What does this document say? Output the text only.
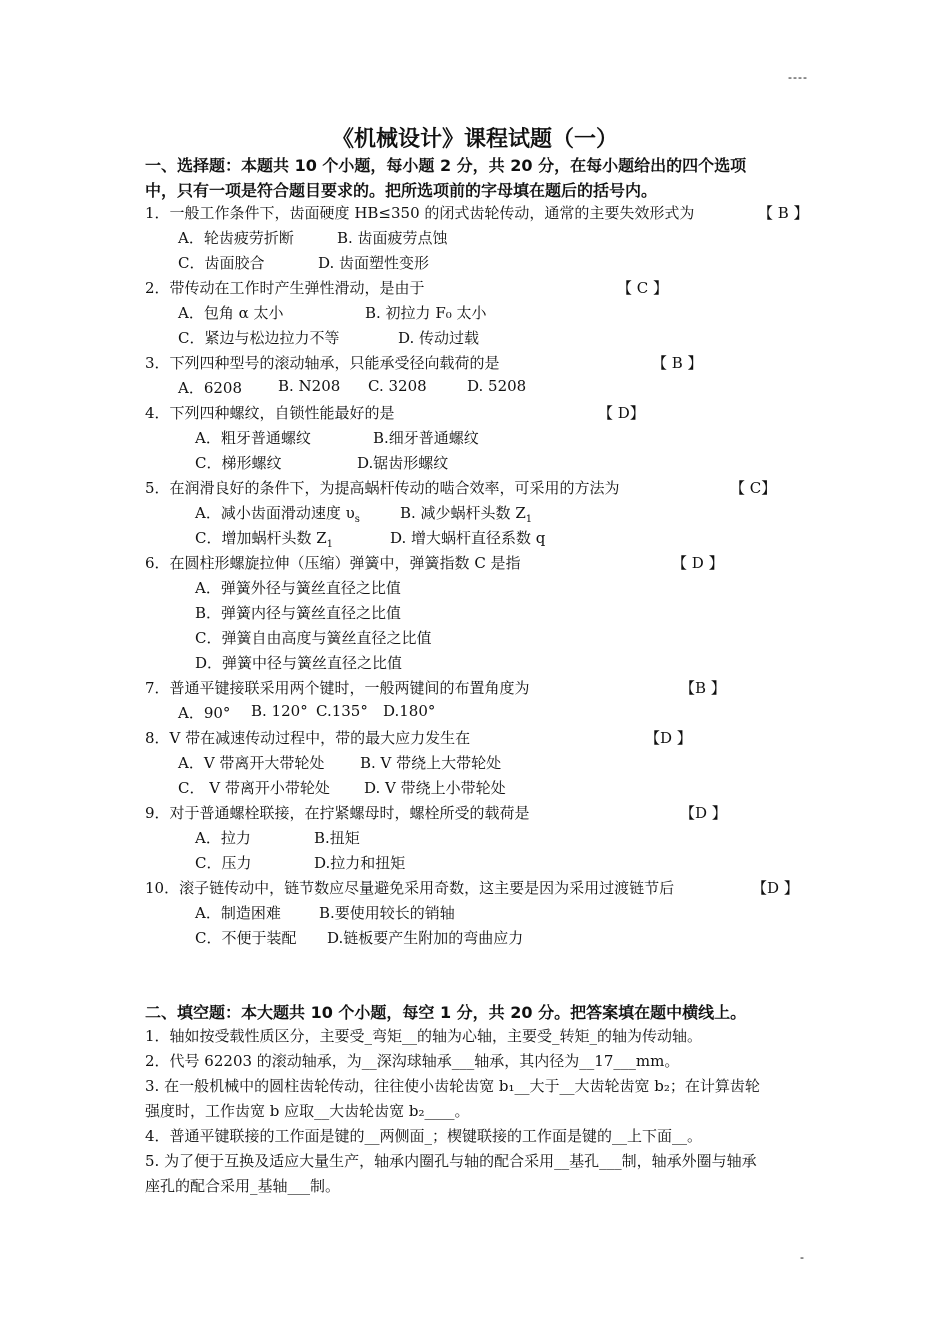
----
-
《机械设计》课程试题（一）
一、选择题：本题共 10 个小题，每小题 2 分，共 20 分，在每小题给出的四个选项
中，只有一项是符合题目要求的。把所选项前的字母填在题后的括号内。
1．一般工作条件下，齿面硬度 HB≤350 的闭式齿轮传动，通常的主要失效形式为	【 B 】
A．轮齿疲劳折断	B. 齿面疲劳点蚀
C．齿面胶合	D. 齿面塑性变形
2．带传动在工作时产生弹性滑动，是由于	【 C 】
A．包角 α 太小	B. 初拉力 F₀ 太小
C．紧边与松边拉力不等	D. 传动过载
3．下列四种型号的滚动轴承，只能承受径向载荷的是	【 B 】
A．6208 B. N208 C. 3208	D. 5208
4．下列四种螺纹，自锁性能最好的是	【 D】
A．粗牙普通螺纹	B.细牙普通螺纹
C．梯形螺纹	D.锯齿形螺纹
5．在润滑良好的条件下，为提高蜗杆传动的啮合效率，可采用的方法为	【 C】
A．减小齿面滑动速度 $\upsilon_s$	B. 减少蜗杆头数 $Z_1$
C．增加蜗杆头数 $Z_1$	D. 增大蜗杆直径系数 q
6．在圆柱形螺旋拉伸（压缩）弹簧中，弹簧指数 C 是指	【 D 】
A．弹簧外径与簧丝直径之比值
B．弹簧内径与簧丝直径之比值
C．弹簧自由高度与簧丝直径之比值
D．弹簧中径与簧丝直径之比值
7．普通平键接联采用两个键时，一般两键间的布置角度为	【B 】
A．90° B. 120° C.135° D.180°
8．V 带在减速传动过程中，带的最大应力发生在	【D 】
A．V 带离开大带轮处 B. V 带绕上大带轮处
C． V 带离开小带轮处 D. V 带绕上小带轮处
9．对于普通螺栓联接，在拧紧螺母时，螺栓所受的载荷是	【D 】
A．拉力	B.扭矩
C．压力	D.拉力和扭矩
10．滚子链传动中，链节数应尽量避免采用奇数，这主要是因为采用过渡链节后	【D 】
A．制造困难	B.要使用较长的销轴
C．不便于装配 D.链板要产生附加的弯曲应力
二、填空题：本大题共 10 个小题，每空 1 分，共 20 分。把答案填在题中横线上。
1．轴如按受载性质区分，主要受_弯矩__的轴为心轴，主要受_转矩_的轴为传动轴。
2．代号 62203 的滚动轴承，为__深沟球轴承___轴承，其内径为__17___mm。
3. 在一般机械中的圆柱齿轮传动，往往使小齿轮齿宽 b₁__大于__大齿轮齿宽 b₂；在计算齿轮
强度时，工作齿宽 b 应取__大齿轮齿宽 b₂____。
4．普通平键联接的工作面是键的__两侧面_；楔键联接的工作面是键的__上下面__。
5. 为了便于互换及适应大量生产，轴承内圈孔与轴的配合采用__基孔___制，轴承外圈与轴承
座孔的配合采用_基轴___制。
